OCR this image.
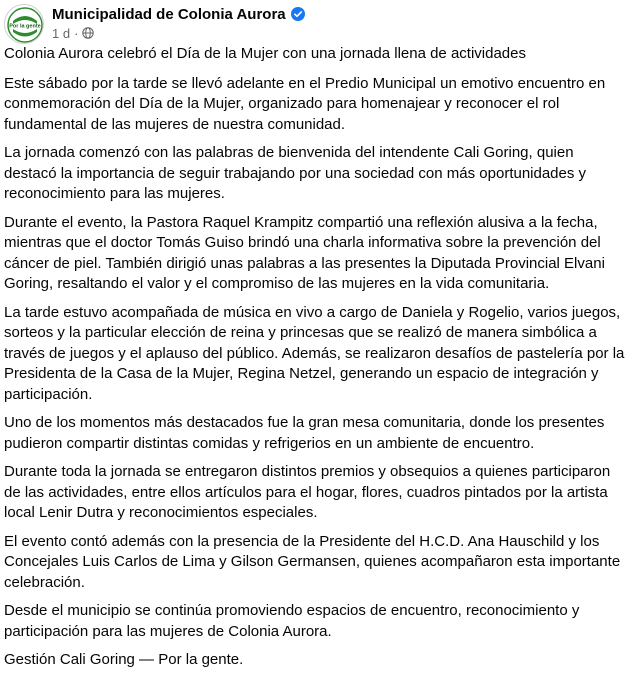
Por la gente
Municipalidad de Colonia Aurora
1 d ·

Colonia Aurora celebró el Día de la Mujer con una jornada llena de actividades

Este sábado por la tarde se llevó adelante en el Predio Municipal un emotivo encuentro en conmemoración del Día de la Mujer, organizado para homenajear y reconocer el rol fundamental de las mujeres de nuestra comunidad.

La jornada comenzó con las palabras de bienvenida del intendente Cali Goring, quien destacó la importancia de seguir trabajando por una sociedad con más oportunidades y reconocimiento para las mujeres.

Durante el evento, la Pastora Raquel Krampitz compartió una reflexión alusiva a la fecha, mientras que el doctor Tomás Guiso brindó una charla informativa sobre la prevención del cáncer de piel. También dirigió unas palabras a las presentes la Diputada Provincial Elvani Goring, resaltando el valor y el compromiso de las mujeres en la vida comunitaria.

La tarde estuvo acompañada de música en vivo a cargo de Daniela y Rogelio, varios juegos, sorteos y la particular elección de reina y princesas que se realizó de manera simbólica a través de juegos y el aplauso del público. Además, se realizaron desafíos de pastelería por la Presidenta de la Casa de la Mujer, Regina Netzel, generando un espacio de integración y participación.

Uno de los momentos más destacados fue la gran mesa comunitaria, donde los presentes pudieron compartir distintas comidas y refrigerios en un ambiente de encuentro.

Durante toda la jornada se entregaron distintos premios y obsequios a quienes participaron de las actividades, entre ellos artículos para el hogar, flores, cuadros pintados por la artista local Lenir Dutra y reconocimientos especiales.

El evento contó además con la presencia de la Presidente del H.C.D. Ana Hauschild y los Concejales Luis Carlos de Lima y Gilson Germansen, quienes acompañaron esta importante celebración.

Desde el municipio se continúa promoviendo espacios de encuentro, reconocimiento y participación para las mujeres de Colonia Aurora.

Gestión Cali Goring — Por la gente.
